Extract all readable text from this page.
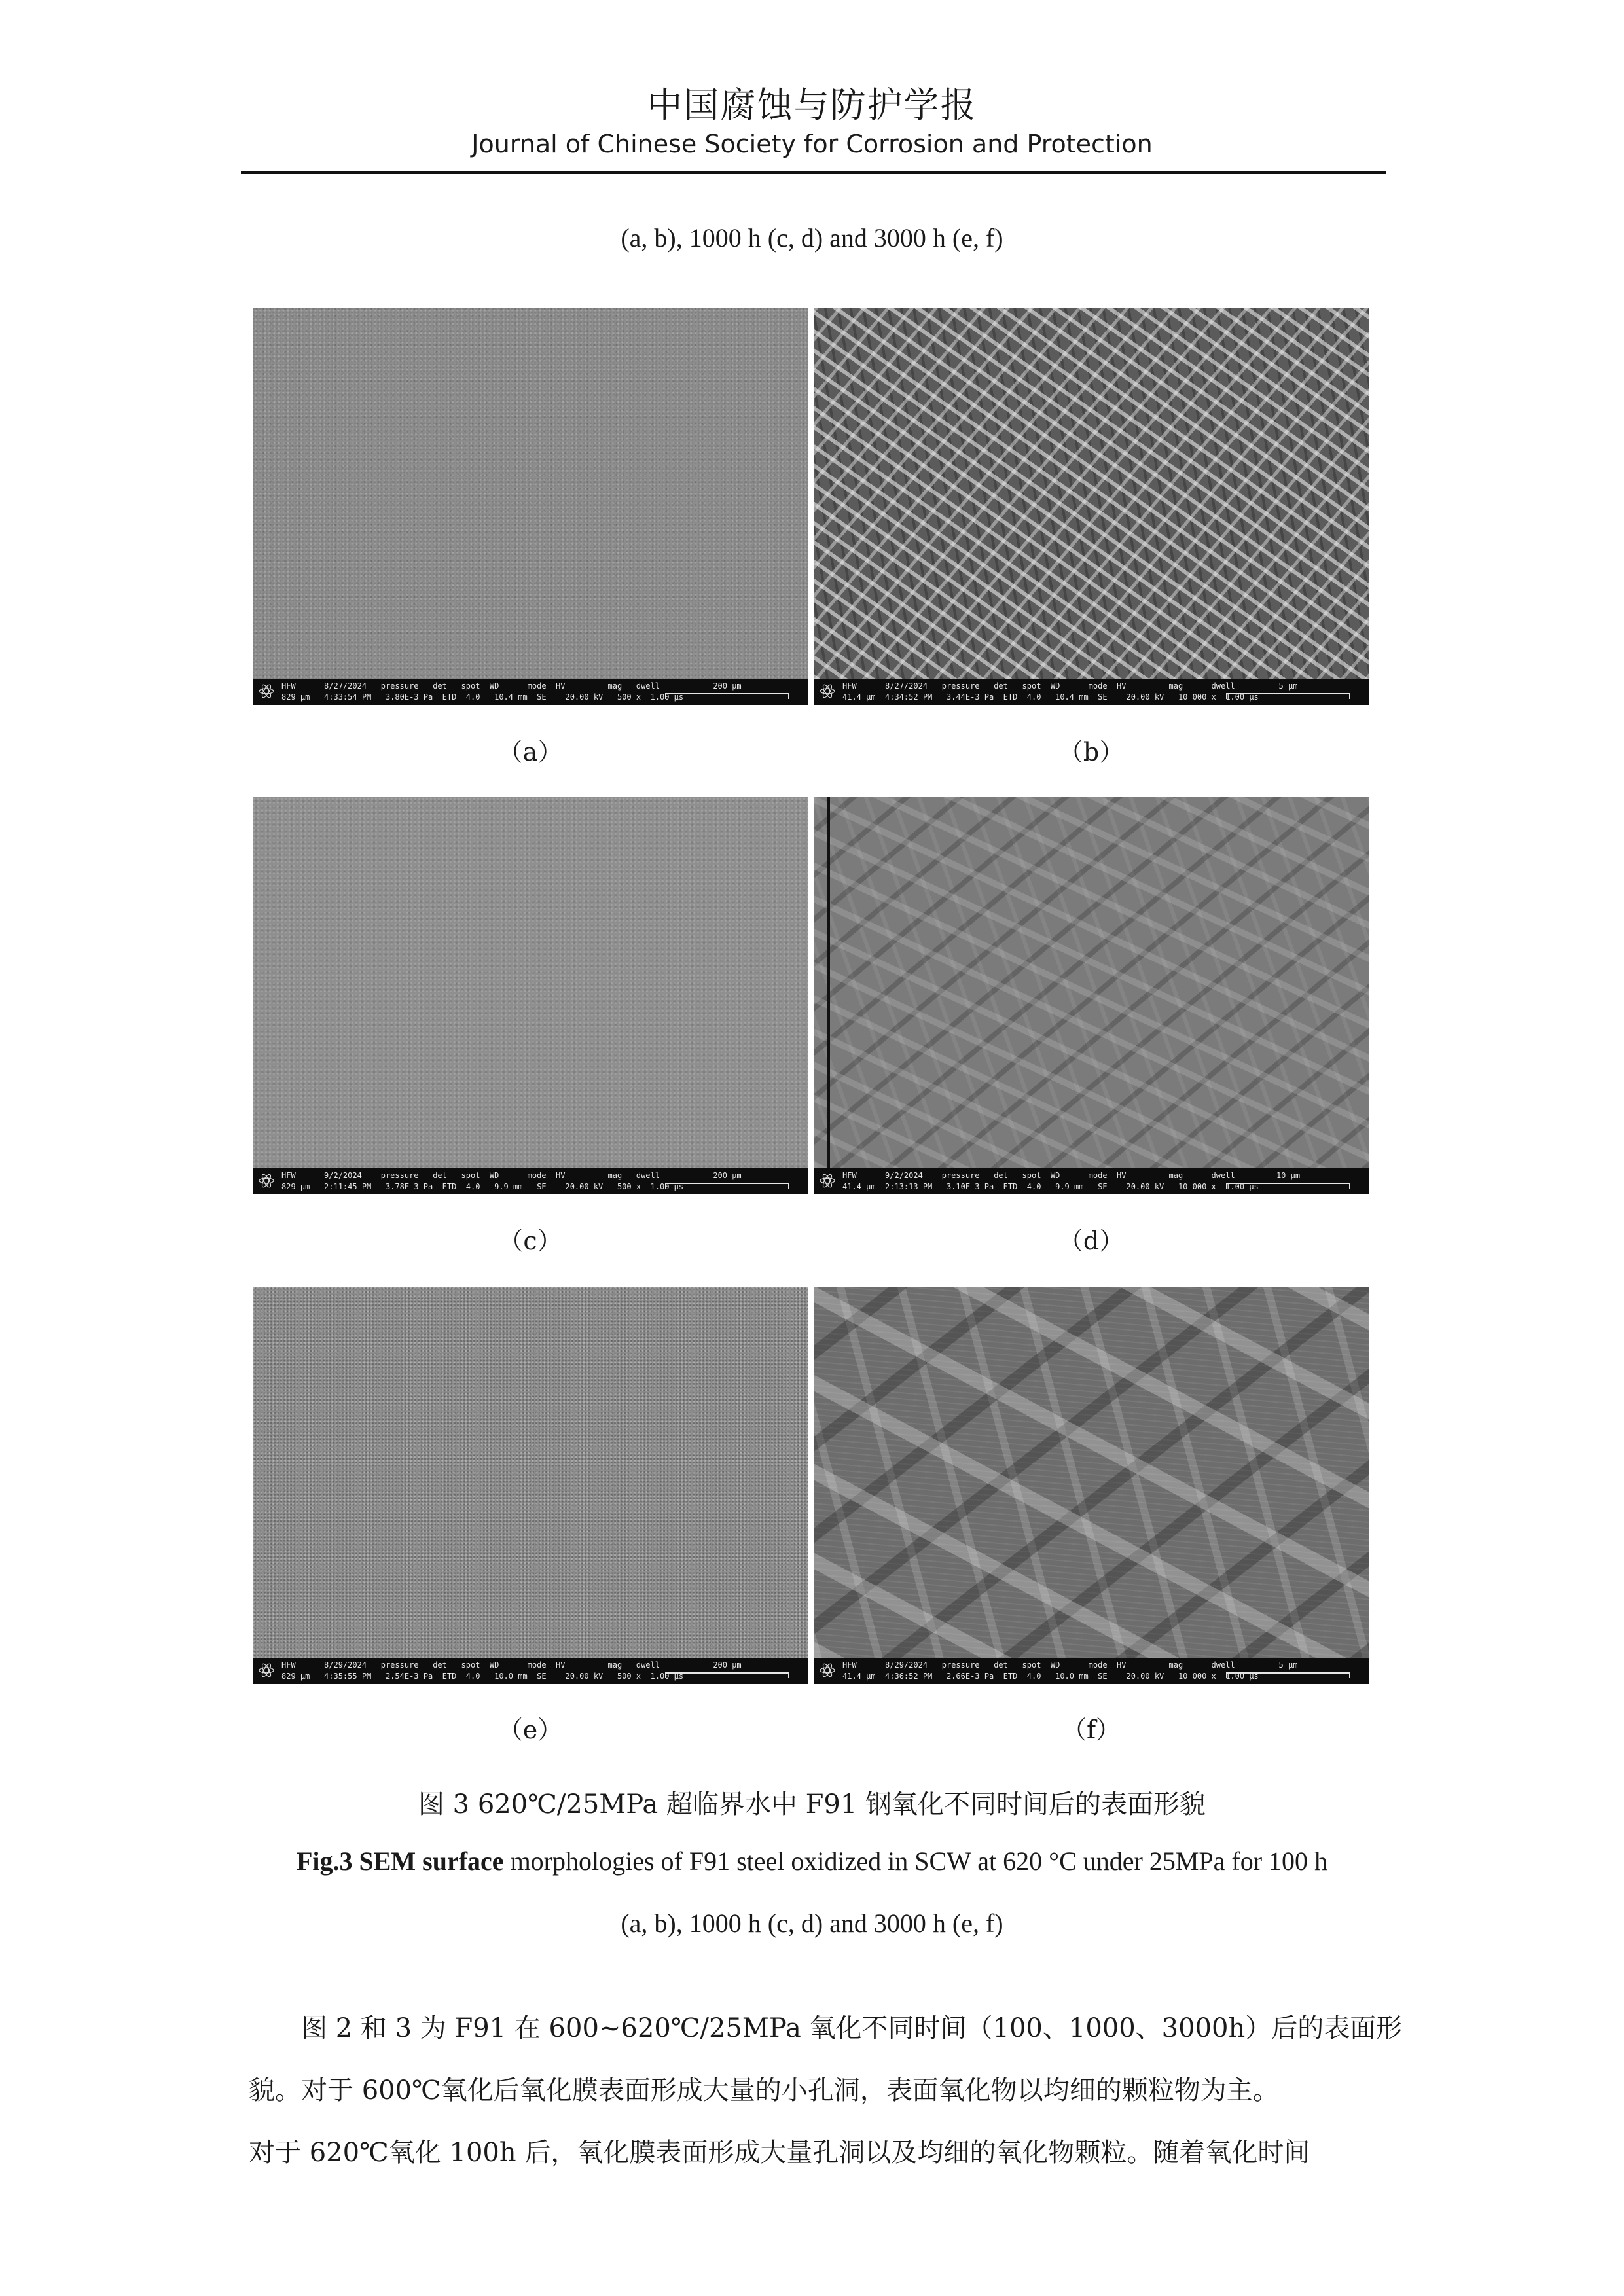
中国腐蚀与防护学报
Journal of Chinese Society for Corrosion and Protection
(a, b), 1000 h (c, d) and 3000 h (e, f)
HFW      8/27/2024   pressure   det   spot  WD      mode  HV         mag   dwell
829 μm   4:33:54 PM   3.80E-3 Pa  ETD  4.0   10.4 mm  SE    20.00 kV   500 x  1.00 μs
200 μm
（a）
HFW      8/27/2024   pressure   det   spot  WD      mode  HV         mag      dwell
41.4 μm  4:34:52 PM   3.44E-3 Pa  ETD  4.0   10.4 mm  SE    20.00 kV   10 000 x  1.00 μs
5 μm
（b）
HFW      9/2/2024    pressure   det   spot  WD      mode  HV         mag   dwell
829 μm   2:11:45 PM   3.78E-3 Pa  ETD  4.0   9.9 mm   SE    20.00 kV   500 x  1.00 μs
200 μm
（c）
HFW      9/2/2024    pressure   det   spot  WD      mode  HV         mag      dwell
41.4 μm  2:13:13 PM   3.10E-3 Pa  ETD  4.0   9.9 mm   SE    20.00 kV   10 000 x  1.00 μs
10 μm
（d）
HFW      8/29/2024   pressure   det   spot  WD      mode  HV         mag   dwell
829 μm   4:35:55 PM   2.54E-3 Pa  ETD  4.0   10.0 mm  SE    20.00 kV   500 x  1.00 μs
200 μm
（e）
HFW      8/29/2024   pressure   det   spot  WD      mode  HV         mag      dwell
41.4 μm  4:36:52 PM   2.66E-3 Pa  ETD  4.0   10.0 mm  SE    20.00 kV   10 000 x  1.00 μs
5 μm
（f）
图 3 620℃/25MPa 超临界水中 F91 钢氧化不同时间后的表面形貌
Fig.3 SEM surface morphologies of F91 steel oxidized in SCW at 620 °C under 25MPa for 100 h
(a, b), 1000 h (c, d) and 3000 h (e, f)

图 2 和 3 为 F91 在 600~620℃/25MPa 氧化不同时间（100、1000、3000h）后的表面形

貌。对于 600℃氧化后氧化膜表面形成大量的小孔洞，表面氧化物以均细的颗粒物为主。

对于 620℃氧化 100h 后，氧化膜表面形成大量孔洞以及均细的氧化物颗粒。随着氧化时间
